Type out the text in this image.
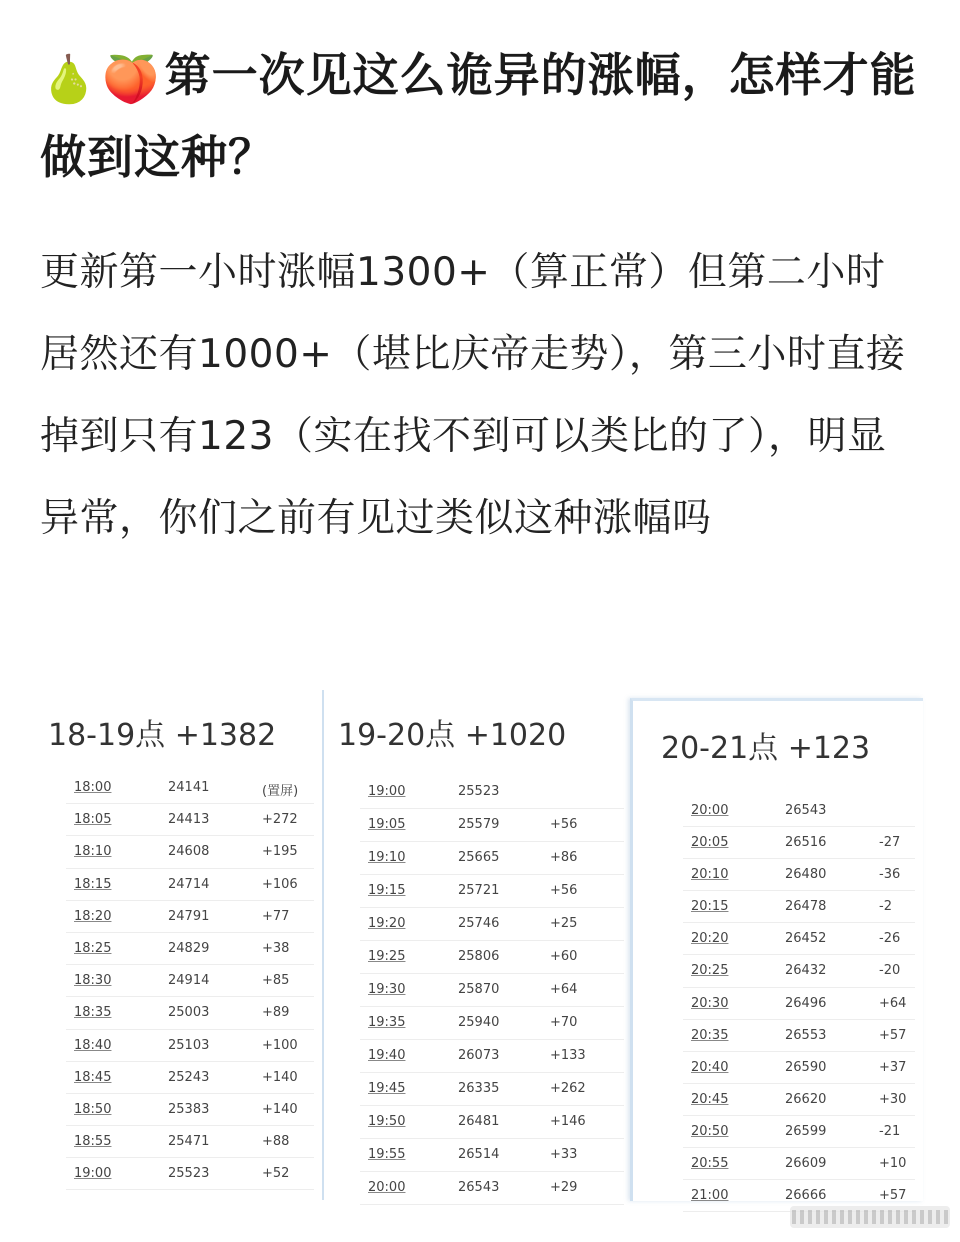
🍐🍑第一次见这么诡异的涨幅，怎样才能做到这种？
更新第一小时涨幅1300+（算正常）但第二小时居然还有1000+（堪比庆帝走势），第三小时直接掉到只有123（实在找不到可以类比的了），明显异常，你们之前有见过类似这种涨幅吗
18-19点 +1382
18:00	24141	(置屏)
18:05	24413	+272
18:10	24608	+195
18:15	24714	+106
18:20	24791	+77
18:25	24829	+38
18:30	24914	+85
18:35	25003	+89
18:40	25103	+100
18:45	25243	+140
18:50	25383	+140
18:55	25471	+88
19:00	25523	+52
19-20点 +1020
19:00	25523
19:05	25579	+56
19:10	25665	+86
19:15	25721	+56
19:20	25746	+25
19:25	25806	+60
19:30	25870	+64
19:35	25940	+70
19:40	26073	+133
19:45	26335	+262
19:50	26481	+146
19:55	26514	+33
20:00	26543	+29
20-21点 +123
20:00	26543
20:05	26516	-27
20:10	26480	-36
20:15	26478	-2
20:20	26452	-26
20:25	26432	-20
20:30	26496	+64
20:35	26553	+57
20:40	26590	+37
20:45	26620	+30
20:50	26599	-21
20:55	26609	+10
21:00	26666	+57
